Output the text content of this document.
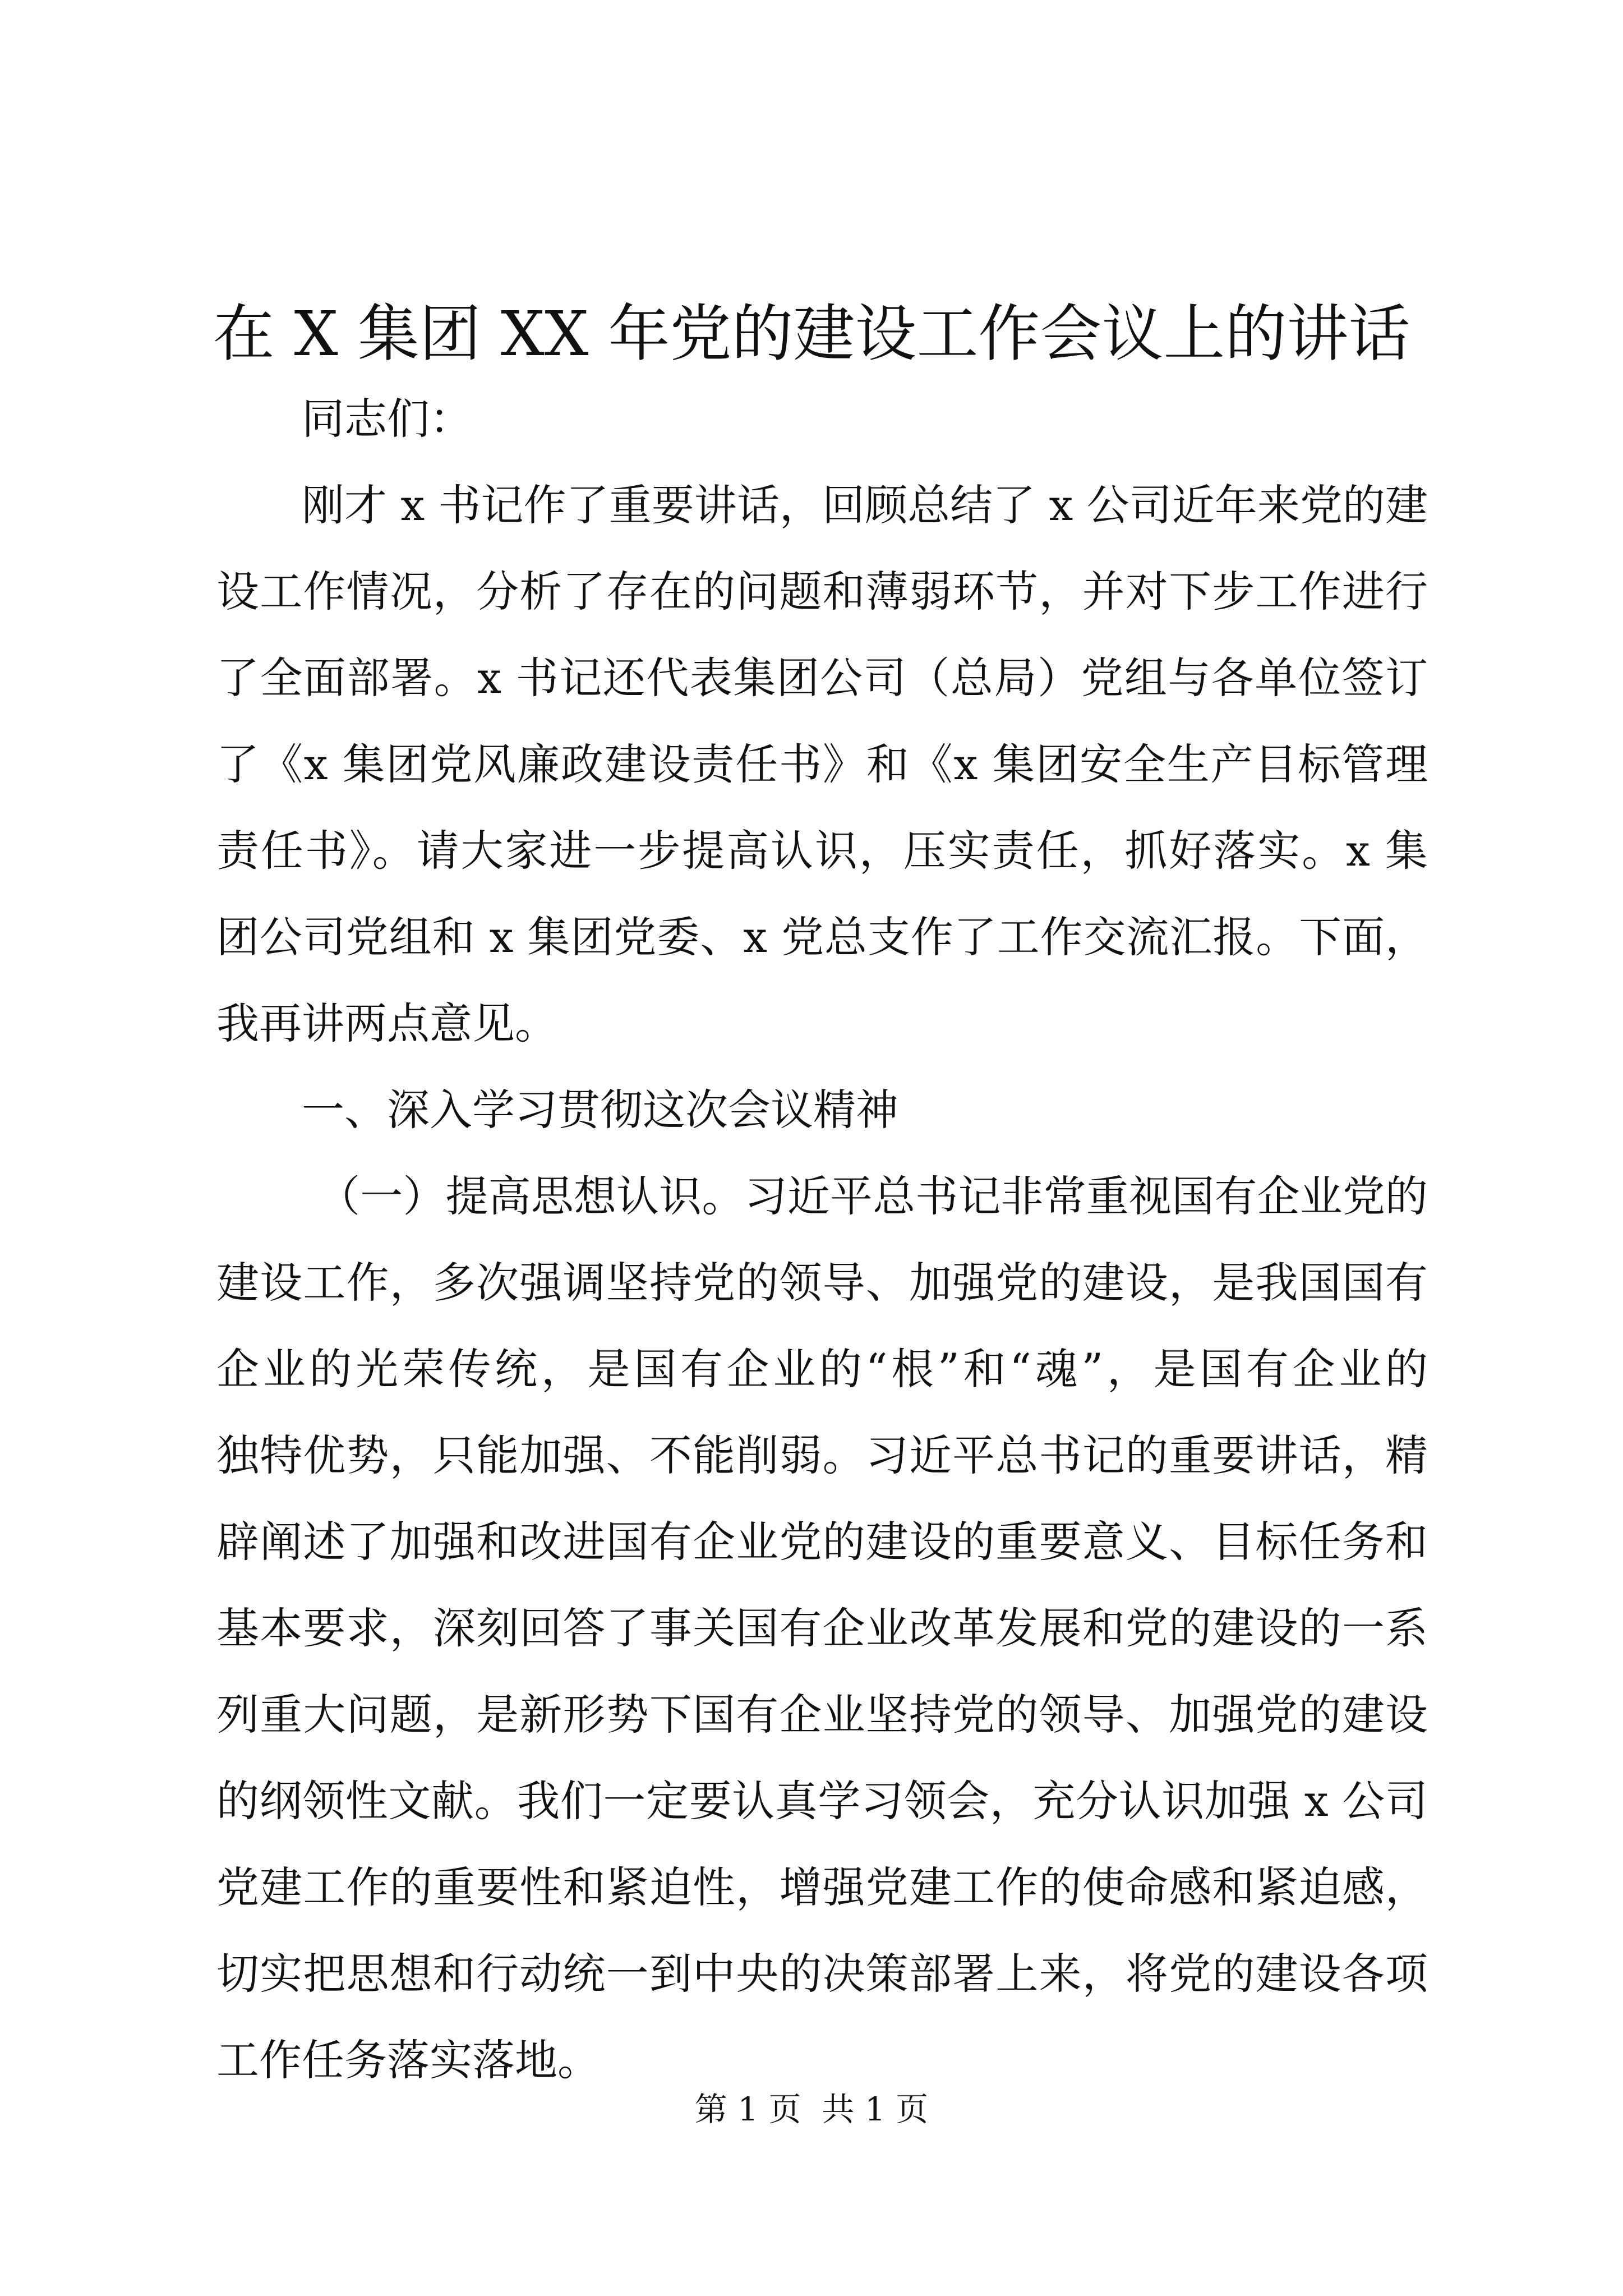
在 X 集团 XX 年党的建设工作会议上的讲话
同志们：
刚才 x 书记作了重要讲话，回顾总结了 x 公司近年来党的建
设工作情况，分析了存在的问题和薄弱环节，并对下步工作进行
了全面部署。x 书记还代表集团公司（总局）党组与各单位签订
了《x 集团党风廉政建设责任书》和《x 集团安全生产目标管理
责任书》。请大家进一步提高认识，压实责任，抓好落实。x 集
团公司党组和 x 集团党委、x 党总支作了工作交流汇报。下面，
我再讲两点意见。
一、深入学习贯彻这次会议精神
（一）提高思想认识。习近平总书记非常重视国有企业党的
建设工作，多次强调坚持党的领导、加强党的建设，是我国国有
企业的光荣传统，是国有企业的“根”和“魂”，是国有企业的
独特优势，只能加强、不能削弱。习近平总书记的重要讲话，精
辟阐述了加强和改进国有企业党的建设的重要意义、目标任务和
基本要求，深刻回答了事关国有企业改革发展和党的建设的一系
列重大问题，是新形势下国有企业坚持党的领导、加强党的建设
的纲领性文献。我们一定要认真学习领会，充分认识加强 x 公司
党建工作的重要性和紧迫性，增强党建工作的使命感和紧迫感，
切实把思想和行动统一到中央的决策部署上来，将党的建设各项
工作任务落实落地。
第 1 页  共 1 页
